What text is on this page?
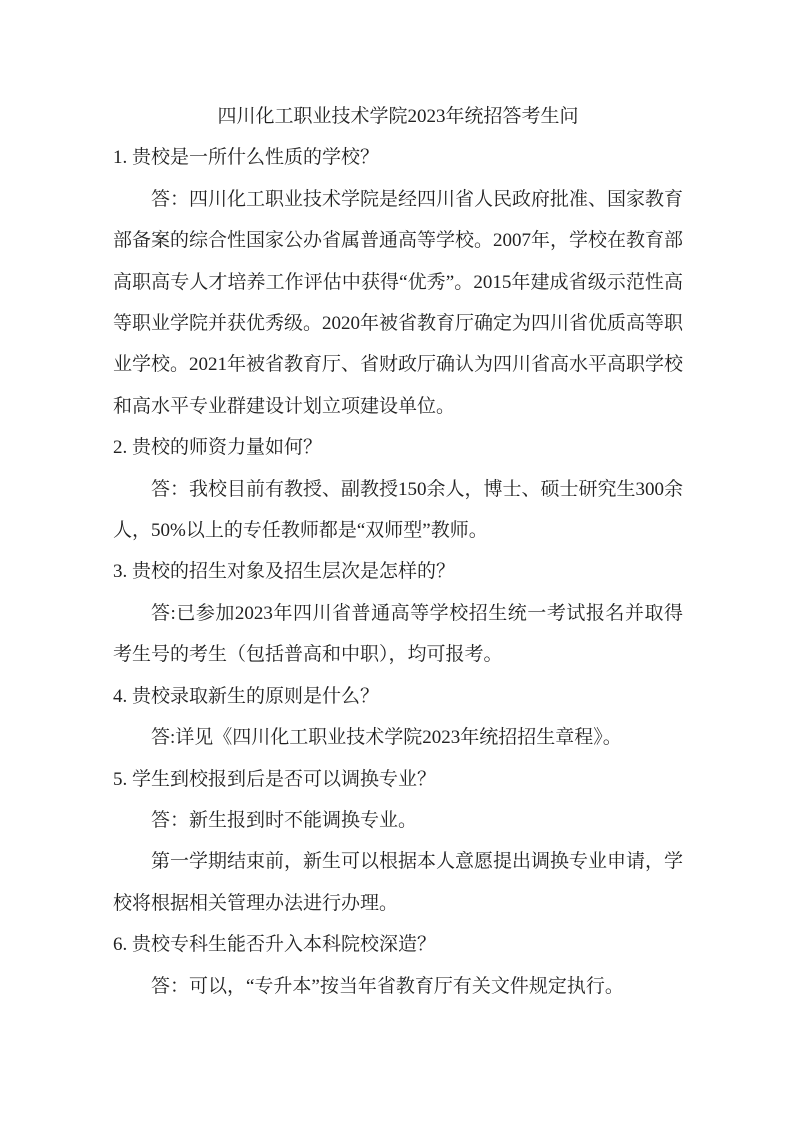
四川化工职业技术学院2023年统招答考生问

1. 贵校是一所什么性质的学校？

答：四川化工职业技术学院是经四川省人民政府批准、国家教育部备案的综合性国家公办省属普通高等学校。2007年，学校在教育部高职高专人才培养工作评估中获得“优秀”。2015年建成省级示范性高等职业学院并获优秀级。2020年被省教育厅确定为四川省优质高等职业学校。2021年被省教育厅、省财政厅确认为四川省高水平高职学校和高水平专业群建设计划立项建设单位。

2. 贵校的师资力量如何？

答：我校目前有教授、副教授150余人，博士、硕士研究生300余人，50%以上的专任教师都是“双师型”教师。

3. 贵校的招生对象及招生层次是怎样的？

答:已参加2023年四川省普通高等学校招生统一考试报名并取得考生号的考生（包括普高和中职），均可报考。

4. 贵校录取新生的原则是什么？

答:详见《四川化工职业技术学院2023年统招招生章程》。

5. 学生到校报到后是否可以调换专业？

答：新生报到时不能调换专业。

第一学期结束前，新生可以根据本人意愿提出调换专业申请，学校将根据相关管理办法进行办理。

6. 贵校专科生能否升入本科院校深造？

答：可以，“专升本”按当年省教育厅有关文件规定执行。
